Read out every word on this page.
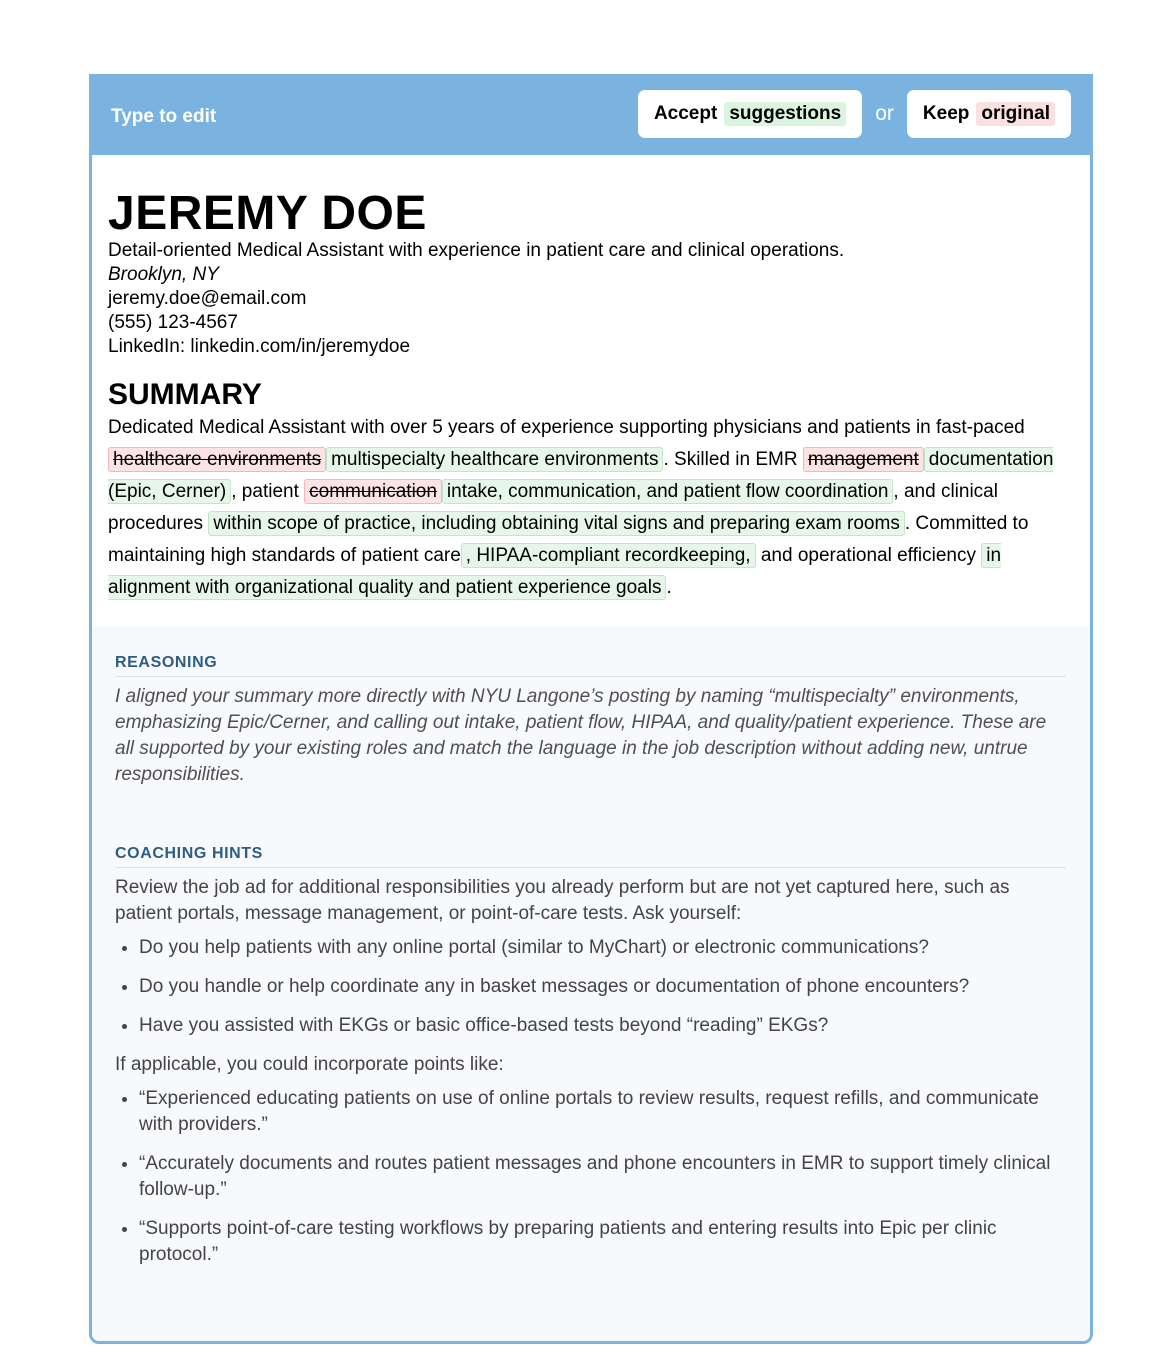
Type to edit	Accept suggestions or Keep original
JEREMY DOE
Detail-oriented Medical Assistant with experience in patient care and clinical operations.
Brooklyn, NY
jeremy.doe@email.com
(555) 123-4567
LinkedIn: linkedin.com/in/jeremydoe
SUMMARY
Dedicated Medical Assistant with over 5 years of experience supporting physicians and patients in fast-paced healthcare environments multispecialty healthcare environments . Skilled in EMR management documentation (Epic, Cerner) , patient communication intake, communication, and patient flow coordination , and clinical procedures within scope of practice, including obtaining vital signs and preparing exam rooms . Committed to maintaining high standards of patient care , HIPAA-compliant recordkeeping, and operational efficiency in alignment with organizational quality and patient experience goals .
REASONING
I aligned your summary more directly with NYU Langone’s posting by naming “multispecialty” environments, emphasizing Epic/Cerner, and calling out intake, patient flow, HIPAA, and quality/patient experience. These are all supported by your existing roles and match the language in the job description without adding new, untrue responsibilities.
COACHING HINTS
Review the job ad for additional responsibilities you already perform but are not yet captured here, such as patient portals, message management, or point-of-care tests. Ask yourself:
• Do you help patients with any online portal (similar to MyChart) or electronic communications?
• Do you handle or help coordinate any in basket messages or documentation of phone encounters?
• Have you assisted with EKGs or basic office-based tests beyond “reading” EKGs?
If applicable, you could incorporate points like:
• “Experienced educating patients on use of online portals to review results, request refills, and communicate with providers.”
• “Accurately documents and routes patient messages and phone encounters in EMR to support timely clinical follow-up.”
• “Supports point-of-care testing workflows by preparing patients and entering results into Epic per clinic protocol.”
